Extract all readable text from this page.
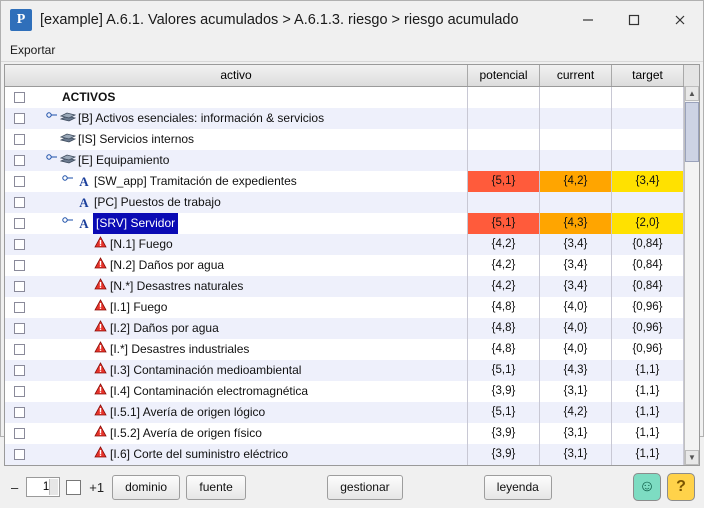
P	[example] A.6.1. Valores acumulados > A.6.1.3. riesgo > riesgo acumulado
Exportar
activo	potencial	current	target
ACTIVOS
[B] Activos esenciales: información & servicios
[IS] Servicios internos
[E] Equipamiento
A [SW_app] Tramitación de expedientes	{5,1}	{4,2}	{3,4}
A [PC] Puestos de trabajo
A [SRV] Servidor	{5,1}	{4,3}	{2,0}
[N.1] Fuego	{4,2}	{3,4}	{0,84}
[N.2] Daños por agua	{4,2}	{3,4}	{0,84}
[N.*] Desastres naturales	{4,2}	{3,4}	{0,84}
[I.1] Fuego	{4,8}	{4,0}	{0,96}
[I.2] Daños por agua	{4,8}	{4,0}	{0,96}
[I.*] Desastres industriales	{4,8}	{4,0}	{0,96}
[I.3] Contaminación medioambiental	{5,1}	{4,3}	{1,1}
[I.4] Contaminación electromagnética	{3,9}	{3,1}	{1,1}
[I.5.1] Avería de origen lógico	{5,1}	{4,2}	{1,1}
[I.5.2] Avería de origen físico	{3,9}	{3,1}	{1,1}
[I.6] Corte del suministro eléctrico	{3,9}	{3,1}	{1,1}
▲
▼
–	1	+1	dominio	fuente	gestionar	leyenda	☺	?
